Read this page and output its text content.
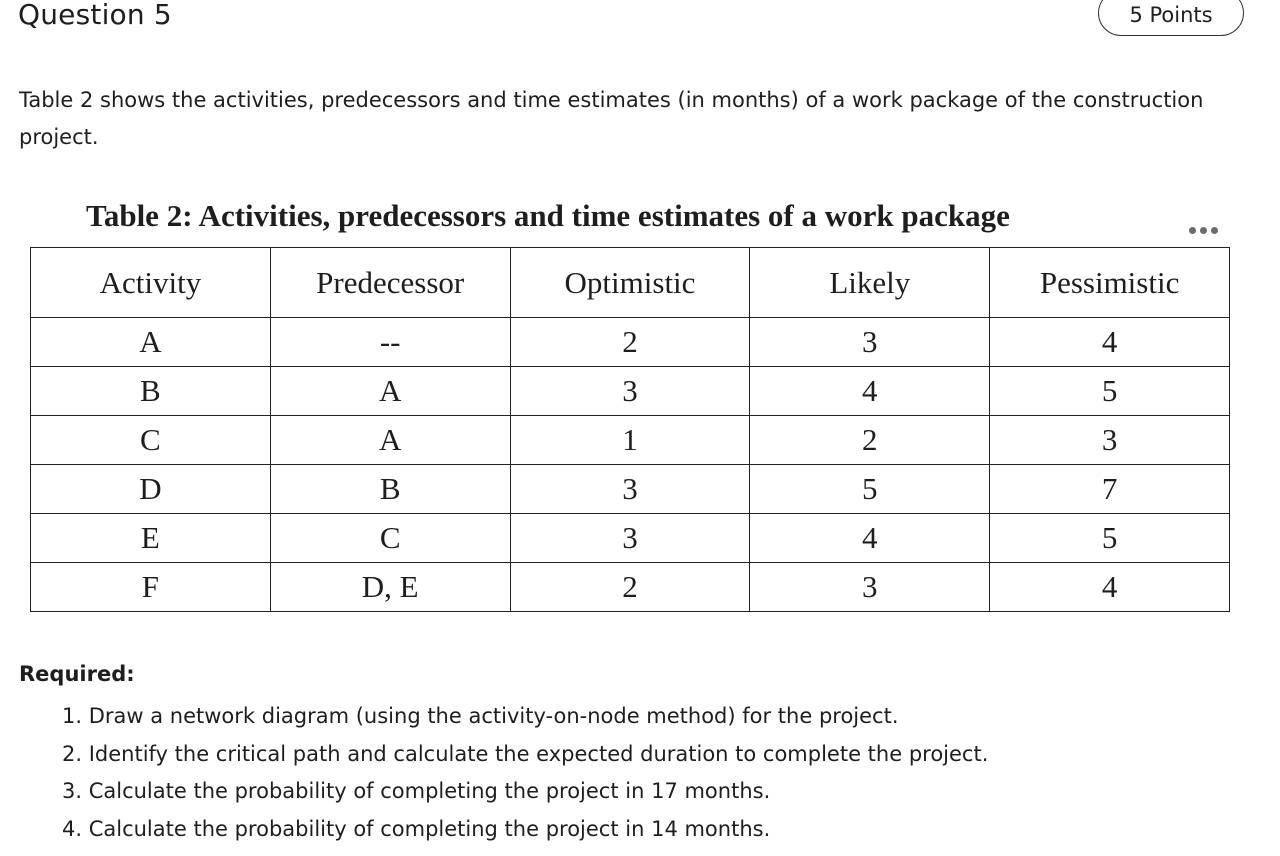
Question 5	5 Points

Table 2 shows the activities, predecessors and time estimates (in months) of a work package of the construction project.

Table 2: Activities, predecessors and time estimates of a work package
Activity	Predecessor	Optimistic	Likely	Pessimistic
A	--	2	3	4
B	A	3	4	5
C	A	1	2	3
D	B	3	5	7
E	C	3	4	5
F	D, E	2	3	4
Required:
1. Draw a network diagram (using the activity-on-node method) for the project.
2. Identify the critical path and calculate the expected duration to complete the project.
3. Calculate the probability of completing the project in 17 months.
4. Calculate the probability of completing the project in 14 months.
